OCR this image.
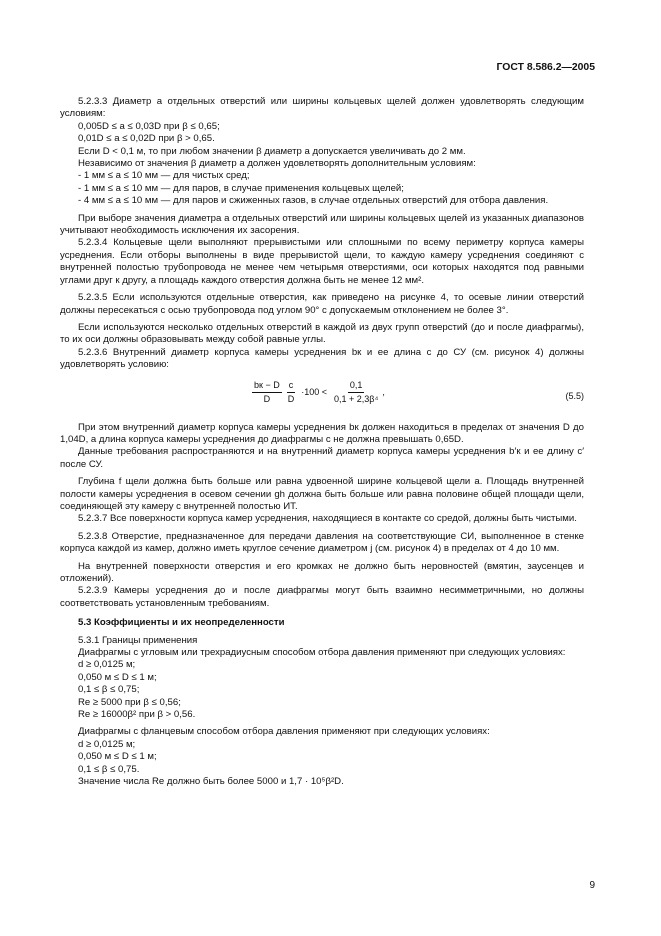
ГОСТ 8.586.2—2005

5.2.3.3 Диаметр a отдельных отверстий или ширины кольцевых щелей должен удовлетворять следующим условиям:

0,005D ≤ a ≤ 0,03D при β ≤ 0,65;

0,01D ≤ a ≤ 0,02D при β > 0,65.

Если D < 0,1 м, то при любом значении β диаметр a допускается увеличивать до 2 мм.

Независимо от значения β диаметр a должен удовлетворять дополнительным условиям:

- 1 мм ≤ a ≤ 10 мм — для чистых сред;

- 1 мм ≤ a ≤ 10 мм — для паров, в случае применения кольцевых щелей;

- 4 мм ≤ a ≤ 10 мм — для паров и сжиженных газов, в случае отдельных отверстий для отбора давления.

При выборе значения диаметра a отдельных отверстий или ширины кольцевых щелей из указанных диапазонов учитывают необходимость исключения их засорения.

5.2.3.4 Кольцевые щели выполняют прерывистыми или сплошными по всему периметру корпуса камеры усреднения. Если отборы выполнены в виде прерывистой щели, то каждую камеру усреднения соединяют с внутренней полостью трубопровода не менее чем четырьмя отверстиями, оси которых находятся под равными углами друг к другу, а площадь каждого отверстия должна быть не менее 12 мм².

5.2.3.5 Если используются отдельные отверстия, как приведено на рисунке 4, то осевые линии отверстий должны пересекаться с осью трубопровода под углом 90° с допускаемым отклонением не более 3°.

Если используются несколько отдельных отверстий в каждой из двух групп отверстий (до и после диафрагмы), то их оси должны образовывать между собой равные углы.

5.2.3.6 Внутренний диаметр корпуса камеры усреднения bк и ее длина c до СУ (см. рисунок 4) должны удовлетворять условию:

$\frac{bк - D}{D} \frac{c}{D} \cdot 100 < \frac{0,1}{\text{0,1 + 2,3β⁴}}$ ,	(5.5)

При этом внутренний диаметр корпуса камеры усреднения bк должен находиться в пределах от значения D до 1,04D, а длина корпуса камеры усреднения до диафрагмы c не должна превышать 0,65D.

Данные требования распространяются и на внутренний диаметр корпуса камеры усреднения b′к и ее длину c′ после СУ.

Глубина f щели должна быть больше или равна удвоенной ширине кольцевой щели a. Площадь внутренней полости камеры усреднения в осевом сечении gh должна быть больше или равна половине общей площади щели, соединяющей эту камеру с внутренней полостью ИТ.

5.2.3.7 Все поверхности корпуса камер усреднения, находящиеся в контакте со средой, должны быть чистыми.

5.2.3.8 Отверстие, предназначенное для передачи давления на соответствующие СИ, выполненное в стенке корпуса каждой из камер, должно иметь круглое сечение диаметром j (см. рисунок 4) в пределах от 4 до 10 мм.

На внутренней поверхности отверстия и его кромках не должно быть неровностей (вмятин, заусенцев и отложений).

5.2.3.9 Камеры усреднения до и после диафрагмы могут быть взаимно несимметричными, но должны соответствовать установленным требованиям.

5.3 Коэффициенты и их неопределенности

5.3.1 Границы применения

Диафрагмы с угловым или трехрадиусным способом отбора давления применяют при следующих условиях:

d ≥ 0,0125 м;

0,050 м ≤ D ≤ 1 м;

0,1 ≤ β ≤ 0,75;

Re ≥ 5000 при β ≤ 0,56;

Re ≥ 16000β² при β > 0,56.

Диафрагмы с фланцевым способом отбора давления применяют при следующих условиях:

d ≥ 0,0125 м;

0,050 м ≤ D ≤ 1 м;

0,1 ≤ β ≤ 0,75.

Значение числа Re должно быть более 5000 и 1,7 · 10⁵β²D.

9
